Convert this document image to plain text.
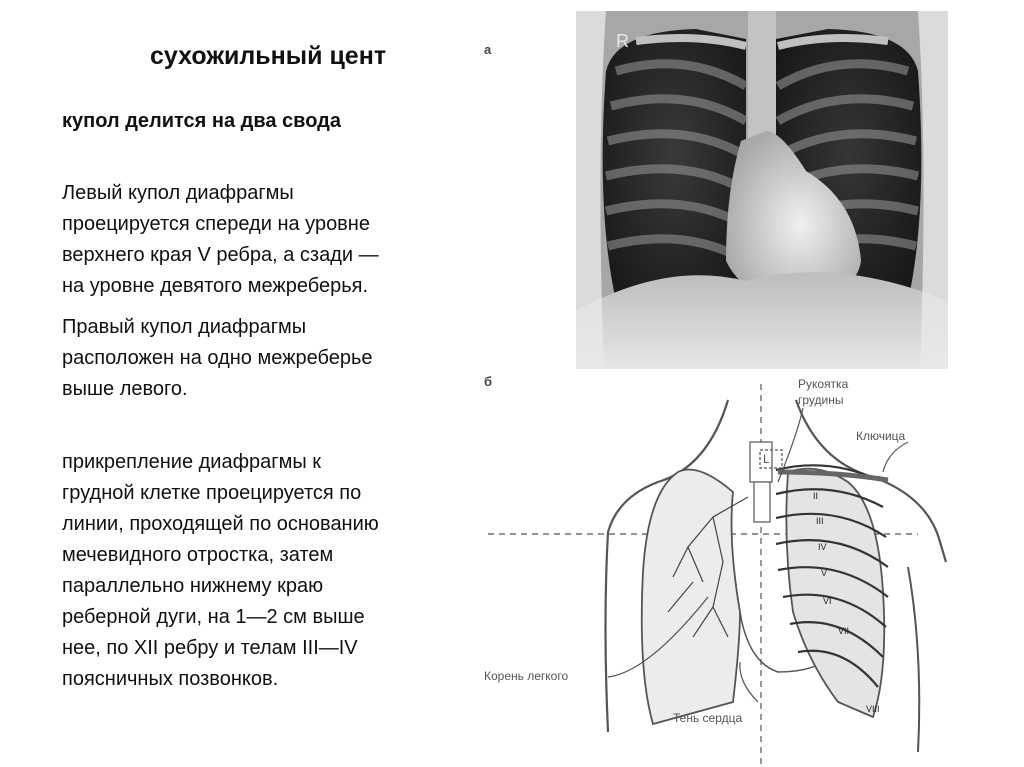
сухожильный цент	а
купол делится на два свода
Левый купол диафрагмы
проецируется спереди на уровне
верхнего края V ребра, а сзади —
на уровне девятого межреберья.
Правый купол диафрагмы
расположен на одно межреберье
выше левого.	б
прикрепление диафрагмы к
грудной клетке проецируется по
линии, проходящей по основанию
мечевидного отростка, затем
параллельно нижнему краю
реберной дуги, на 1—2 см выше
нее, по XII ребру и телам III—IV
поясничных позвонков.
R
Рукоятка
грудины
Ключица
L
Корень легкого
Тень сердца
II
III
IV
V
VI
VII
VIII
